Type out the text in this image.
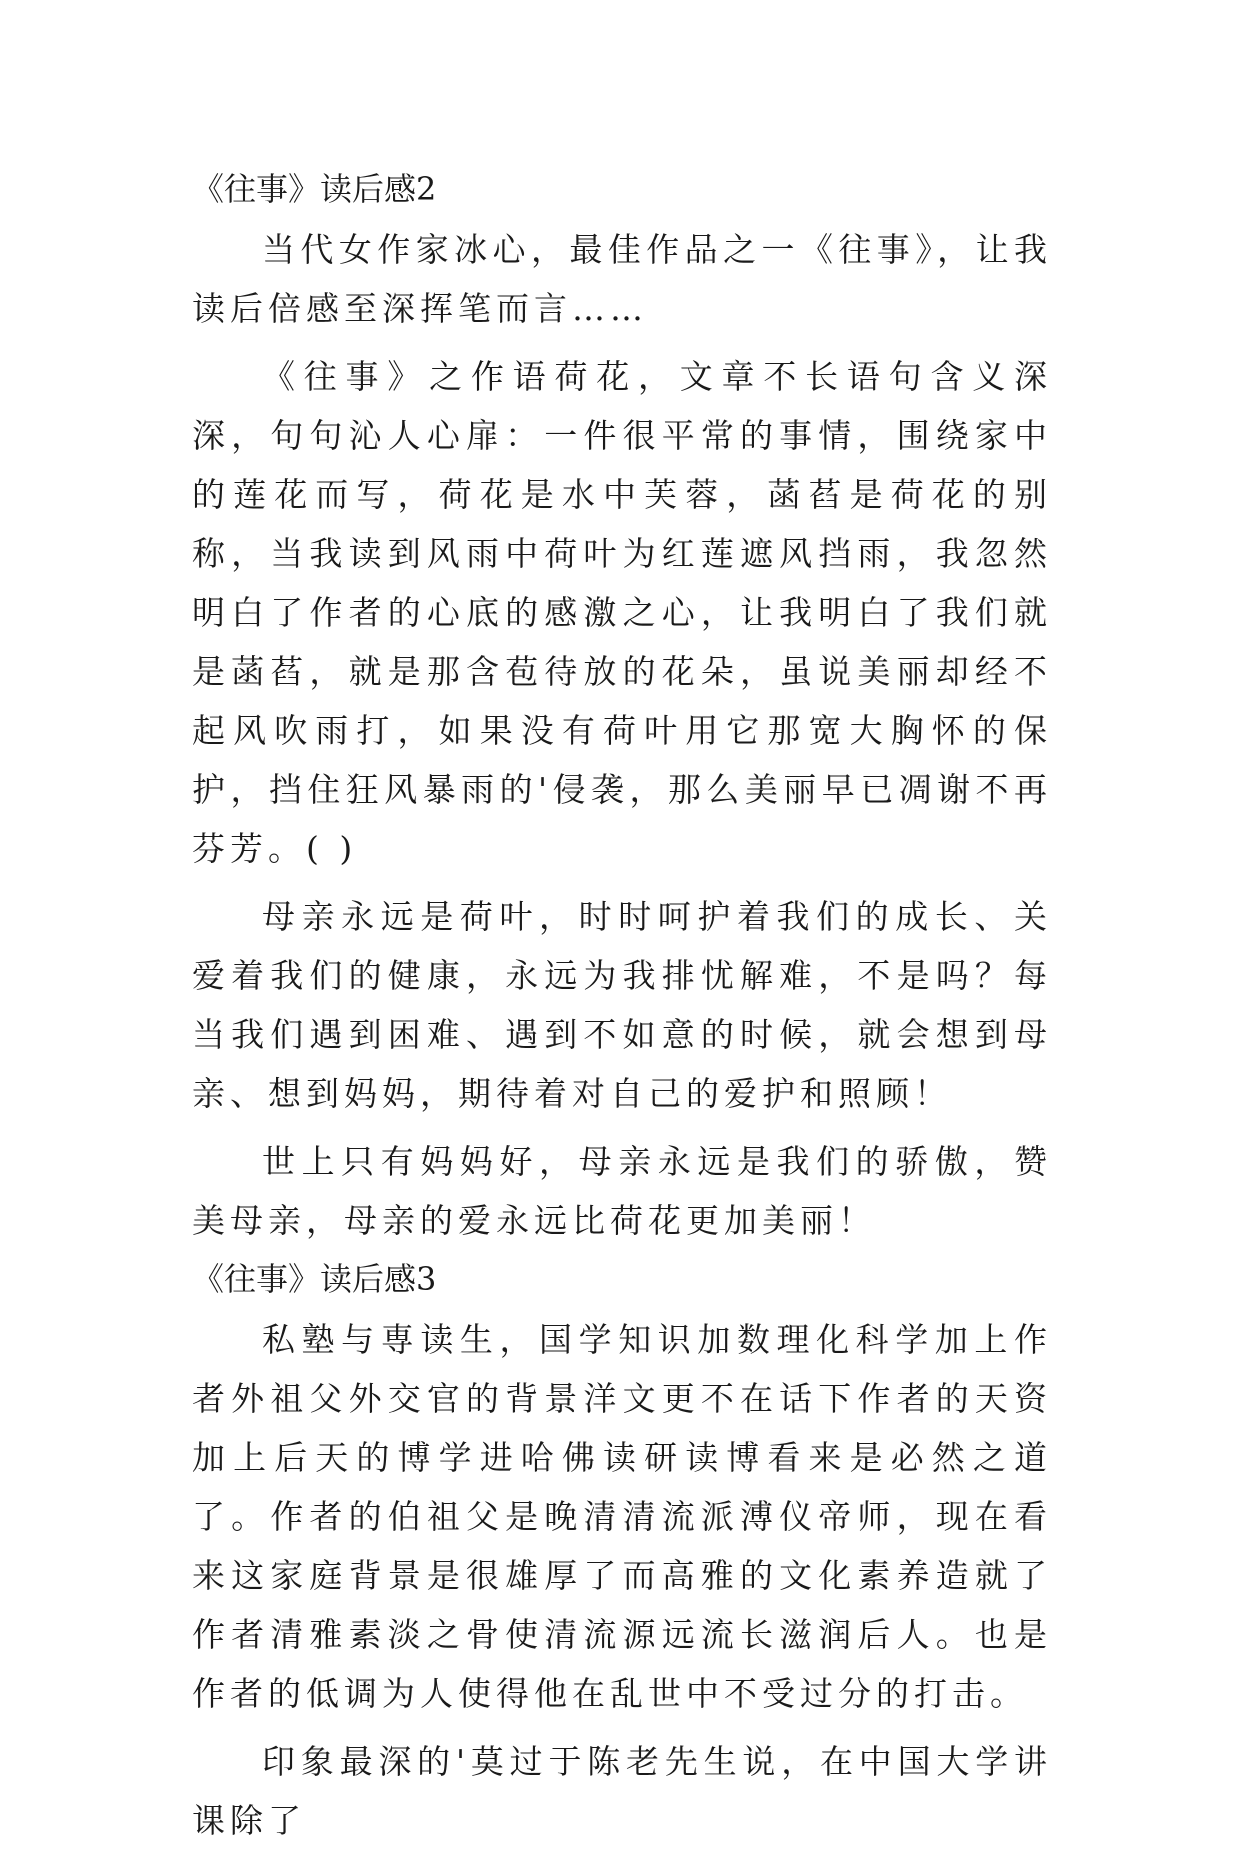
《往事》读后感2

当代女作家冰心，最佳作品之一《往事》，让我读后倍感至深挥笔而言……

《往事》之作语荷花，文章不长语句含义深深，句句沁人心扉：一件很平常的事情，围绕家中的莲花而写，荷花是水中芙蓉，菡萏是荷花的别称，当我读到风雨中荷叶为红莲遮风挡雨，我忽然明白了作者的心底的感激之心，让我明白了我们就是菡萏，就是那含苞待放的花朵，虽说美丽却经不起风吹雨打，如果没有荷叶用它那宽大胸怀的保护，挡住狂风暴雨的'侵袭，那么美丽早已凋谢不再芬芳。( )

母亲永远是荷叶，时时呵护着我们的成长、关爱着我们的健康，永远为我排忧解难，不是吗？每当我们遇到困难、遇到不如意的时候，就会想到母亲、想到妈妈，期待着对自己的爱护和照顾！

世上只有妈妈好，母亲永远是我们的骄傲，赞美母亲，母亲的爱永远比荷花更加美丽！

《往事》读后感3

私塾与専读生，国学知识加数理化科学加上作者外祖父外交官的背景洋文更不在话下作者的天资加上后天的博学进哈佛读研读博看来是必然之道了。作者的伯祖父是晚清清流派溥仪帝师，现在看来这家庭背景是很雄厚了而高雅的文化素养造就了作者清雅素淡之骨使清流源远流长滋润后人。也是作者的低调为人使得他在乱世中不受过分的打击。

印象最深的'莫过于陈老先生说，在中国大学讲课除了
